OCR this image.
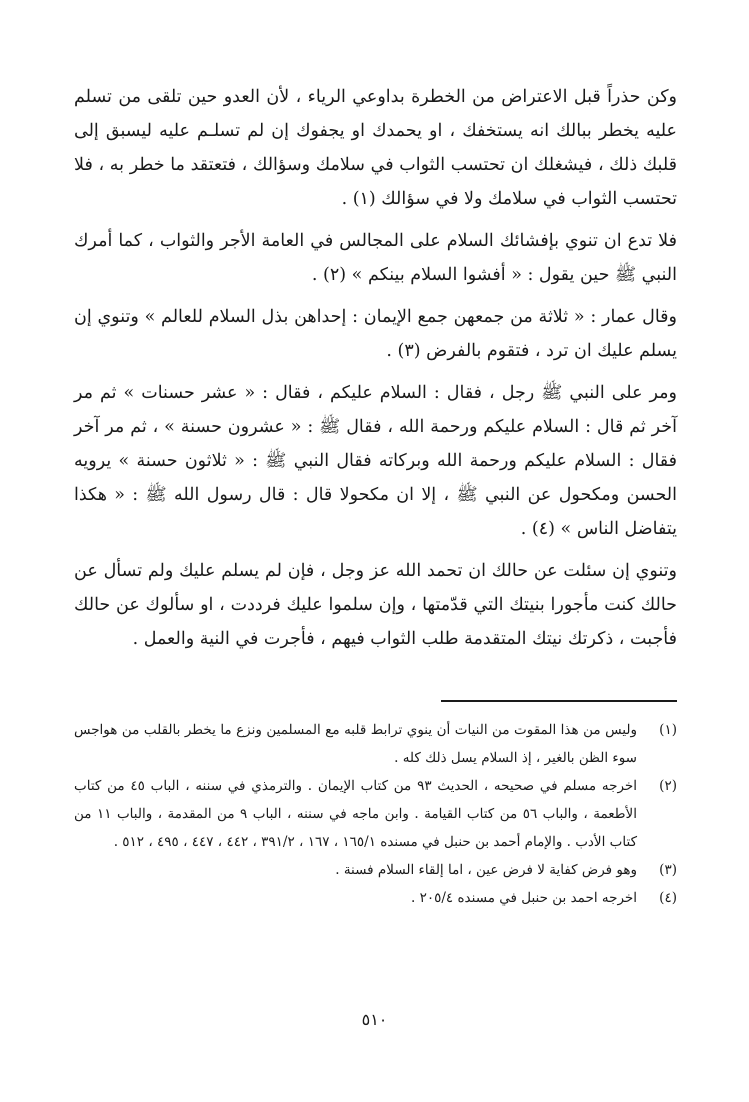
وكن حذراً قبل الاعتراض من الخطرة بداوعي الرياء ، لأن العدو حين تلقى من تسلم عليه يخطر ببالك انه يستخفك ، او يحمدك او يجفوك إن لم تسلـم عليه ليسبق إلى قلبك ذلك ، فيشغلك ان تحتسب الثواب في سلامك وسؤالك ، فتعتقد ما خطر به ، فلا تحتسب الثواب في سلامك ولا في سؤالك (١) .

فلا تدع ان تنوي بإفشائك السلام على المجالس في العامة الأجر والثواب ، كما أمرك النبي ﷺ حين يقول : « أفشوا السلام بينكم » (٢) .

وقال عمار : « ثلاثة من جمعهن جمع الإيمان : إحداهن بذل السلام للعالم » وتنوي إن يسلم عليك ان ترد ، فتقوم بالفرض (٣) .

ومر على النبي ﷺ رجل ، فقال : السلام عليكم ، فقال : « عشر حسنات » ثم مر آخر ثم قال : السلام عليكم ورحمة الله ، فقال ﷺ : « عشرون حسنة » ، ثم مر آخر فقال : السلام عليكم ورحمة الله وبركاته فقال النبي ﷺ : « ثلاثون حسنة » يرويه الحسن ومكحول عن النبي ﷺ ، إلا ان مكحولا قال : قال رسول الله ﷺ : « هكذا يتفاضل الناس » (٤) .

وتنوي إن سئلت عن حالك ان تحمد الله عز وجل ، فإن لم يسلم عليك ولم تسأل عن حالك كنت مأجورا بنيتك التي قدّمتها ، وإن سلموا عليك فرددت ، او سألوك عن حالك فأجبت ، ذكرتك نيتك المتقدمة طلب الثواب فيهم ، فأجرت في النية والعمل .

(١)
وليس من هذا المقوت من النيات أن ينوي ترابط قلبه مع المسلمين ونزع ما يخطر بالقلب من هواجس سوء الظن بالغير ، إذ السلام يسل ذلك كله .
(٢)
اخرجه مسلم في صحيحه ، الحديث ٩٣ من كتاب الإيمان . والترمذي في سننه ، الباب ٤٥ من كتاب الأطعمة ، والباب ٥٦ من كتاب القيامة . وابن ماجه في سننه ، الباب ٩ من المقدمة ، والباب ١١ من كتاب الأدب . والإمام أحمد بن حنبل في مسنده ١٦٥/١ ، ١٦٧ ، ٣٩١/٢ ، ٤٤٢ ، ٤٤٧ ، ٤٩٥ ، ٥١٢ .
(٣)
وهو فرض كفاية لا فرض عين ، اما إلقاء السلام فسنة .
(٤)
اخرجه احمد بن حنبل في مسنده ٢٠٥/٤ .
٥١٠
